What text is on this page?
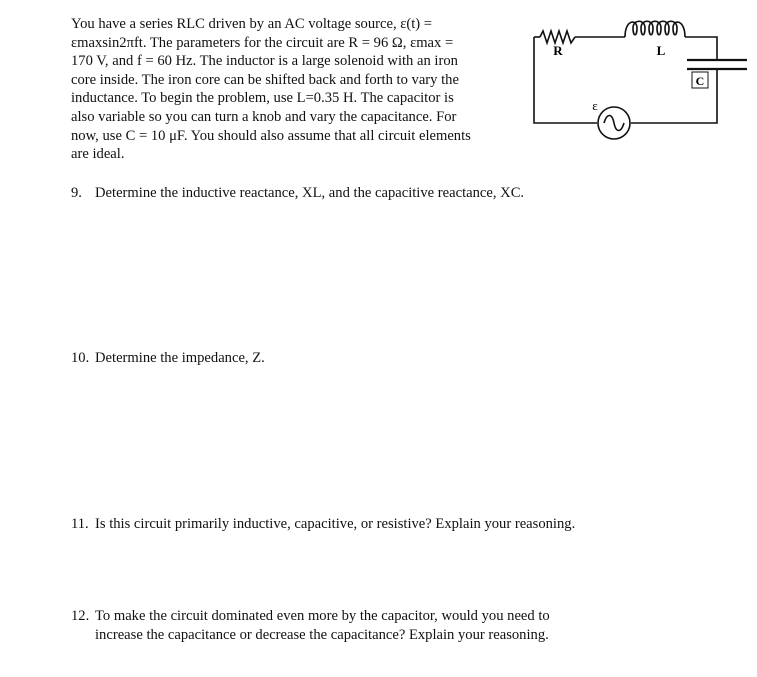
You have a series RLC driven by an AC voltage source, ε(t) =
εmaxsin2πft. The parameters for the circuit are R = 96 Ω, εmax =
170 V, and f = 60 Hz. The inductor is a large solenoid with an iron
core inside. The iron core can be shifted back and forth to vary the
inductance. To begin the problem, use L=0.35 H. The capacitor is
also variable so you can turn a knob and vary the capacitance. For
now, use C = 10 μF. You should also assume that all circuit elements
are ideal.
R	L
C
ε
9. Determine the inductive reactance, XL, and the capacitive reactance, XC.
10. Determine the impedance, Z.
11. Is this circuit primarily inductive, capacitive, or resistive? Explain your reasoning.
12. To make the circuit dominated even more by the capacitor, would you need to
increase the capacitance or decrease the capacitance? Explain your reasoning.
